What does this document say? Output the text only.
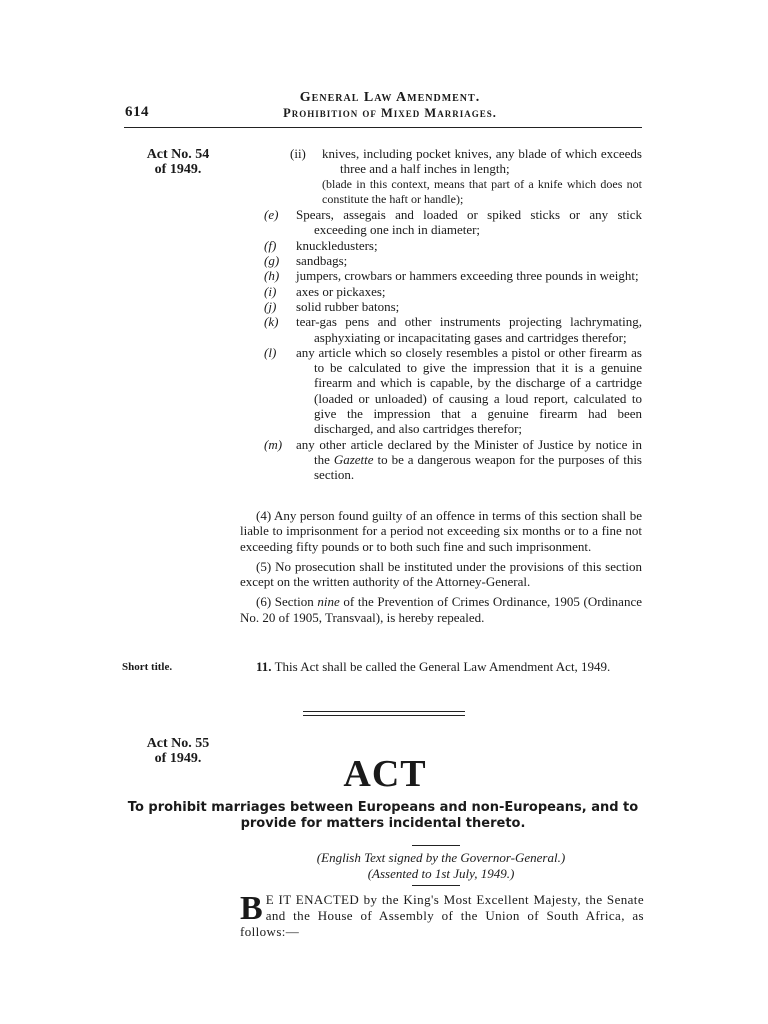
614
General Law Amendment.
Prohibition of Mixed Marriages.
Act No. 54
of 1949.
(ii) knives, including pocket knives, any blade of which exceeds three and a half inches in length;
(blade in this context, means that part of a knife which does not constitute the haft or handle);
(e) Spears, assegais and loaded or spiked sticks or any stick exceeding one inch in diameter;
(f) knuckledusters;
(g) sandbags;
(h) jumpers, crowbars or hammers exceeding three pounds in weight;
(i) axes or pickaxes;
(j) solid rubber batons;
(k) tear-gas pens and other instruments projecting lachrymating, asphyxiating or incapacitating gases and cartridges therefor;
(l) any article which so closely resembles a pistol or other firearm as to be calculated to give the impression that it is a genuine firearm and which is capable, by the discharge of a cartridge (loaded or unloaded) of causing a loud report, calculated to give the impression that a genuine firearm had been discharged, and also cartridges therefor;
(m) any other article declared by the Minister of Justice by notice in the Gazette to be a dangerous weapon for the purposes of this section.

(4) Any person found guilty of an offence in terms of this section shall be liable to imprisonment for a period not exceeding six months or to a fine not exceeding fifty pounds or to both such fine and such imprisonment.

(5) No prosecution shall be instituted under the provisions of this section except on the written authority of the Attorney-General.

(6) Section nine of the Prevention of Crimes Ordinance, 1905 (Ordinance No. 20 of 1905, Transvaal), is hereby repealed.

Short title.	11. This Act shall be called the General Law Amendment Act, 1949.

Act No. 55
of 1949.	ACT
To prohibit marriages between Europeans and non-Europeans, and to provide for matters incidental thereto.
(English Text signed by the Governor-General.)
(Assented to 1st July, 1949.)
B E IT ENACTED by the King's Most Excellent Majesty, the Senate and the House of Assembly of the Union of South Africa, as follows:—
